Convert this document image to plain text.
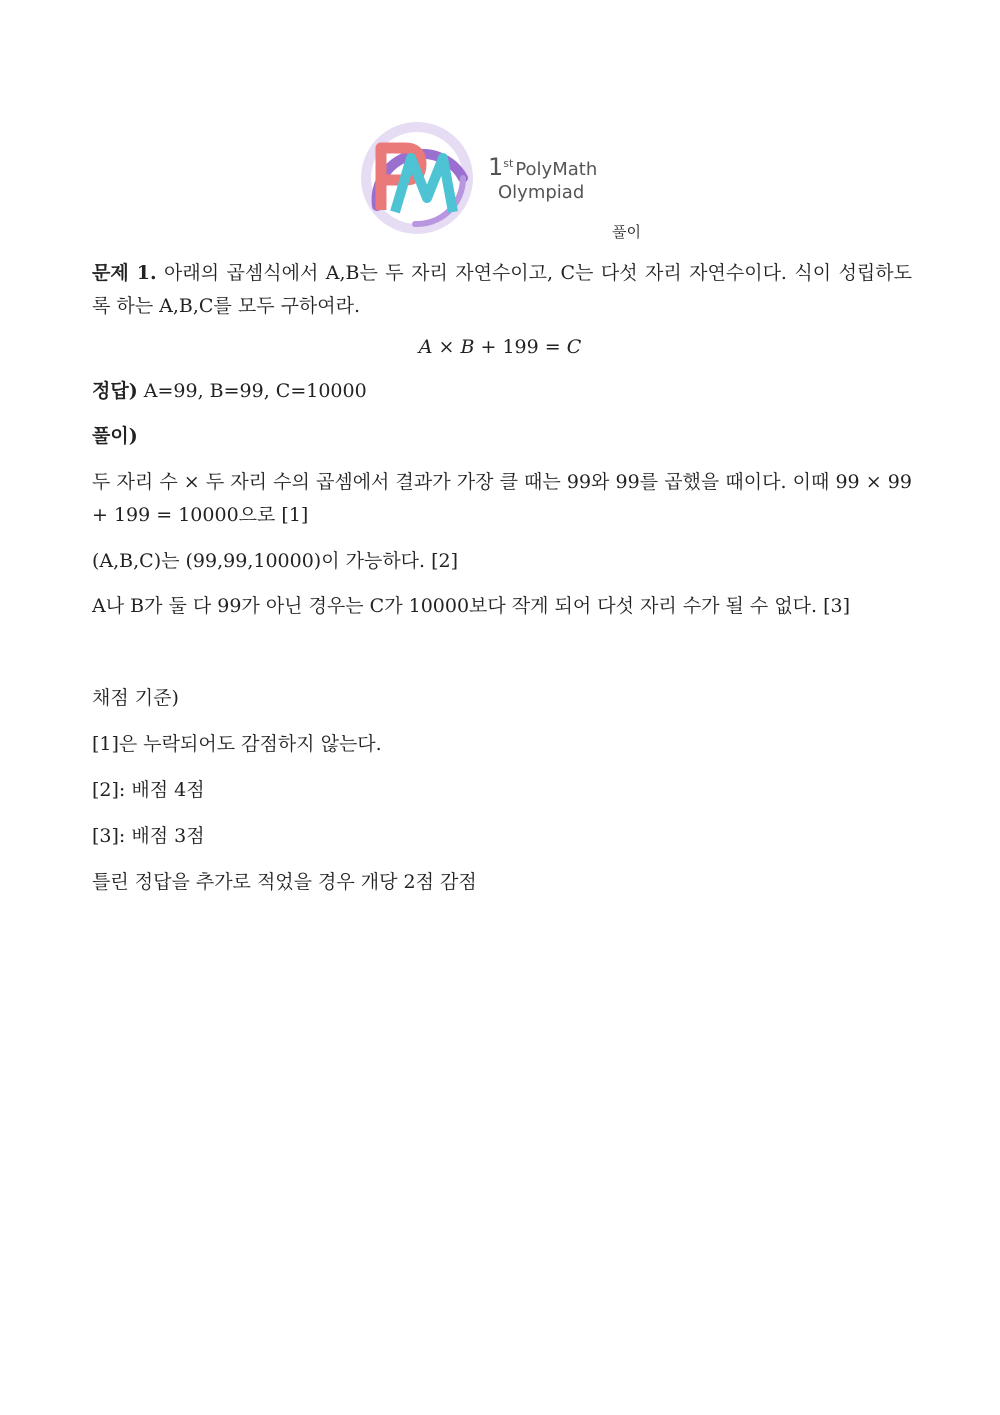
1st PolyMath
Olympiad
풀이
문제 1. 아래의 곱셈식에서 A,B는 두 자리 자연수이고, C는 다섯 자리 자연수이다. 식이 성립하도록 하는 A,B,C를 모두 구하여라.
A × B + 199 = C
정답) A=99, B=99, C=10000
풀이)
두 자리 수 × 두 자리 수의 곱셈에서 결과가 가장 클 때는 99와 99를 곱했을 때이다. 이때 99 × 99 + 199 = 10000으로 [1]
(A,B,C)는 (99,99,10000)이 가능하다. [2]
A나 B가 둘 다 99가 아닌 경우는 C가 10000보다 작게 되어 다섯 자리 수가 될 수 없다. [3]
채점 기준)
[1]은 누락되어도 감점하지 않는다.
[2]: 배점 4점
[3]: 배점 3점
틀린 정답을 추가로 적었을 경우 개당 2점 감점
